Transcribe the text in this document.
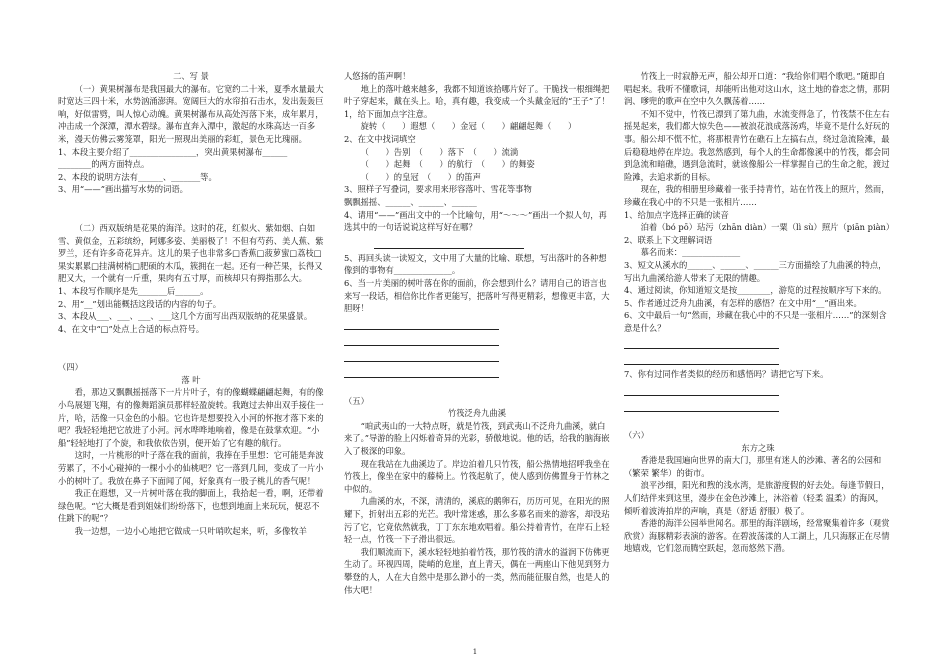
二、写 景

（一）黄果树瀑布是我国最大的瀑布。它宽约二十米，夏季水量最大时宽达三四十米，水势汹涌澎湃。宽阔巨大的水帘拍石击水，发出轰轰巨响，好似雷劈，叫人惊心动魄。黄果树瀑布从高处泻落下来，成年累月，冲击成一个深潭，潭水碧绿。瀑布直奔入潭中，激起的水珠高达一百多米，漫天仿佛云雾笼罩，阳光一照现出美丽的彩虹，景色无比瑰丽。

1、本段主要介绍了________________，突出黄果树瀑布______

________的两方面特点。

2、本段的说明方法有______、_______等。

3、用“——”画出描写水势的词语。

（二）西双版纳是花果的海洋。这时的花，红似火、紫如烟、白如雪、黄似金，五彩缤纷，阿娜多姿、美丽极了！不但有芍药、美人蕉、紫罗兰，还有许多奇花异卉。这儿的果子也非常多□香蕉□菠萝蜜□荔枝□果实累累□挂满树梢□肥硕的木瓜，簇拥在一起。还有一种芒果，长得又肥又大，一个就有一斤重，果肉有五寸厚，而核却只有拇指那么大。

1、本段写作顺序是先_______后______。

2、用“__”划出能概括这段话的内容的句子。

3、本段从___、___、___、___这几个方面写出西双版纳的花果盛景。

4、在文中“□”处点上合适的标点符号。

（四）

落 叶

看，那边又飘飘摇摇落下一片片叶子，有的像蝴蝶翩翩起舞，有的像小鸟展翅飞翔，有的像舞蹈演员那样轻盈旋转。我跑过去伸出双手接住一片，哈，活像一只金色的小船。它也许是想要投入小河的怀抱才落下来的吧？我轻轻地把它放进了小河。河水哗哗地响着，像是在鼓掌欢迎。“小船”轻轻地打了个旋，和我依依告别，便开始了它有趣的航行。

这时，一片桃形的叶子落在我的面前，我捧在手里想：它可能是奔波劳累了，不小心碰掉的一棵小小的仙桃吧？它一落到几间，变成了一片小小的树叶了。我放在鼻子下面闻了闻，好象真有一股子桃儿的香气呢！

我正在遐想，又一片树叶落在我的脚面上，我拾起一看，啊，还带着绿色呢。“它大概是看到姐妹们纷纷落下，也想到地面上来玩玩，便忍不住跳下的呢”？

我一边想，一边小心地把它做成一只叶哨吹起来，听，多像牧羊

人悠扬的笛声啊！

地上的落叶越来越多，我都不知道该拾哪片好了。干脆找一根细绳把叶子穿起来，戴在头上。哈，真有趣，我变成一个头戴金冠的“王子”了！

1，给下面加点字注意。

旋转（　　）遐想（　　）金冠（　　）翩翩起舞（　　）

2、在文中找词填空

（　　）告别　（　　）落下　（　　）流淌

（　　）起舞　（　　）的航行　（　　）的舞姿

（　　）的皇冠　（　　）的笛声

3、照样子写叠词，要求用来形容落叶、雪花等事物

飘飘摇摇、______、______、______

4、请用“——”画出文中的一个比喻句，用“～～～”画出一个拟人句，再选其中的一句话说说这样写好在哪？

5、再回头读一读短文，文中用了大量的比喻、联想，写出落叶的各种想像到的事物有______________。

6、当一片美丽的树叶落在你的面前，你会想到什么？请用自己的语言也来写一段话，相信你比作者更能写，把落叶写得更精彩，想像更丰富，大胆呀！

（五）

竹筏泛舟九曲溪

“咱武夷山的一大特点呀，就是竹筏，到武夷山不泛舟九曲溪，就白来了。”导游的脸上闪烁着奇异的光彩，骄傲地说。他的话，给我的脑海嵌入了极深的印象。

现在我站在九曲溪边了。岸边泊着几只竹筏，船公热情地招呼我坐在竹筏上，像坐在家中的藤椅上。竹筏起航了，使人感到仿佛置身于竹林之中似的。

九曲溪的水，不深，清清的，溪底的鹅卵石，历历可见，在阳光的照耀下，折射出五彩的光芒。我叶常迷惑，那么多慕名而来的游客，却没玷污了它，它竟依然就我，丁丁东东地欢唱着。船公持着青竹，在岸石上轻轻一点，竹筏一下子滑出很远。

我们顺流而下，溪水轻轻地拍着竹筏，那竹筏的清水的溢润下仿佛更生动了。环视四周，陡峭的危崖，直上青天，偶在一两座山下他见到努力攀登的人，人在大自然中是那么渺小的一类，然而能征服自然，也是人的伟大吧！

竹筏上一时寂静无声，船公却开口道：“我给你们唱个歌吧。”随即自唱起来。我听不懂歌词，却能听出他对这山水，这土地的眷恋之情，那阴润、嗲兜的歌声在空中久久飘荡着……

不知不觉中，竹筏已漂到了第九曲，水流变得急了，竹筏禁不住左右摇晃起来，我们都大惊失色——被浪花浪成落汤鸡，毕竟不是什么好玩的事。船公却不慌不忙，将那根青竹在礁石上左搞右点，绕过急流险滩，最后稳稳地停在岸边。我忽然感到，每个人的生命都像溪中的竹筏，都会同到急流和暗礁，遇到急流时，就该像船公一样掌握自己的生命之舵，渡过险滩，去追求新的目标。

现在，我的相册里珍藏着一张手持青竹，站在竹筏上的照片，然而，珍藏在我心中的不只是一张相片……

1、给加点字选择正确的读音

泊着（bó pō）玷污（zhān diàn）一粟（lì sù）照片（piān piàn）

2、联系上下文理解词语

慕名而来：______________

3、短文从溪水的______、______、______三方面描绘了九曲溪的特点，写出九曲溪给游人带来了无限的情趣。

4、通过阅读，你知道短文是按________，游览的过程按顺序写下来的。

5、作者通过泛舟九曲溪，有怎样的感悟？在文中用“__”画出来。

6、文中最后一句“然而，珍藏在我心中的不只是一张相片……”的深刻含意是什么？

7、你有过同作者类似的经历和感悟吗？请把它写下来。

（六）

东方之珠

香港是我国遍向世界的南大门，那里有迷人的沙滩、著名的公园和（繁荣 繁华）的街市。

浪平沙细，阳光和煦的浅水湾，是旅游度假的好去处。每逢节假日，人们结伴来到这里，漫步在金色沙滩上，沐浴着（轻柔 温柔）的海风，倾听着波涛拍岸的声响，真是（舒适 舒服）极了。

香港的海洋公园举世闻名。那里的海洋剧场，经常聚集着许多（观赏 欣赏）海豚精彩表演的游客。在碧波荡漾的人工湖上，几只海豚正在尽情地嬉戏，它们忽而腾空跃起，忽而悠然下潜。

1
